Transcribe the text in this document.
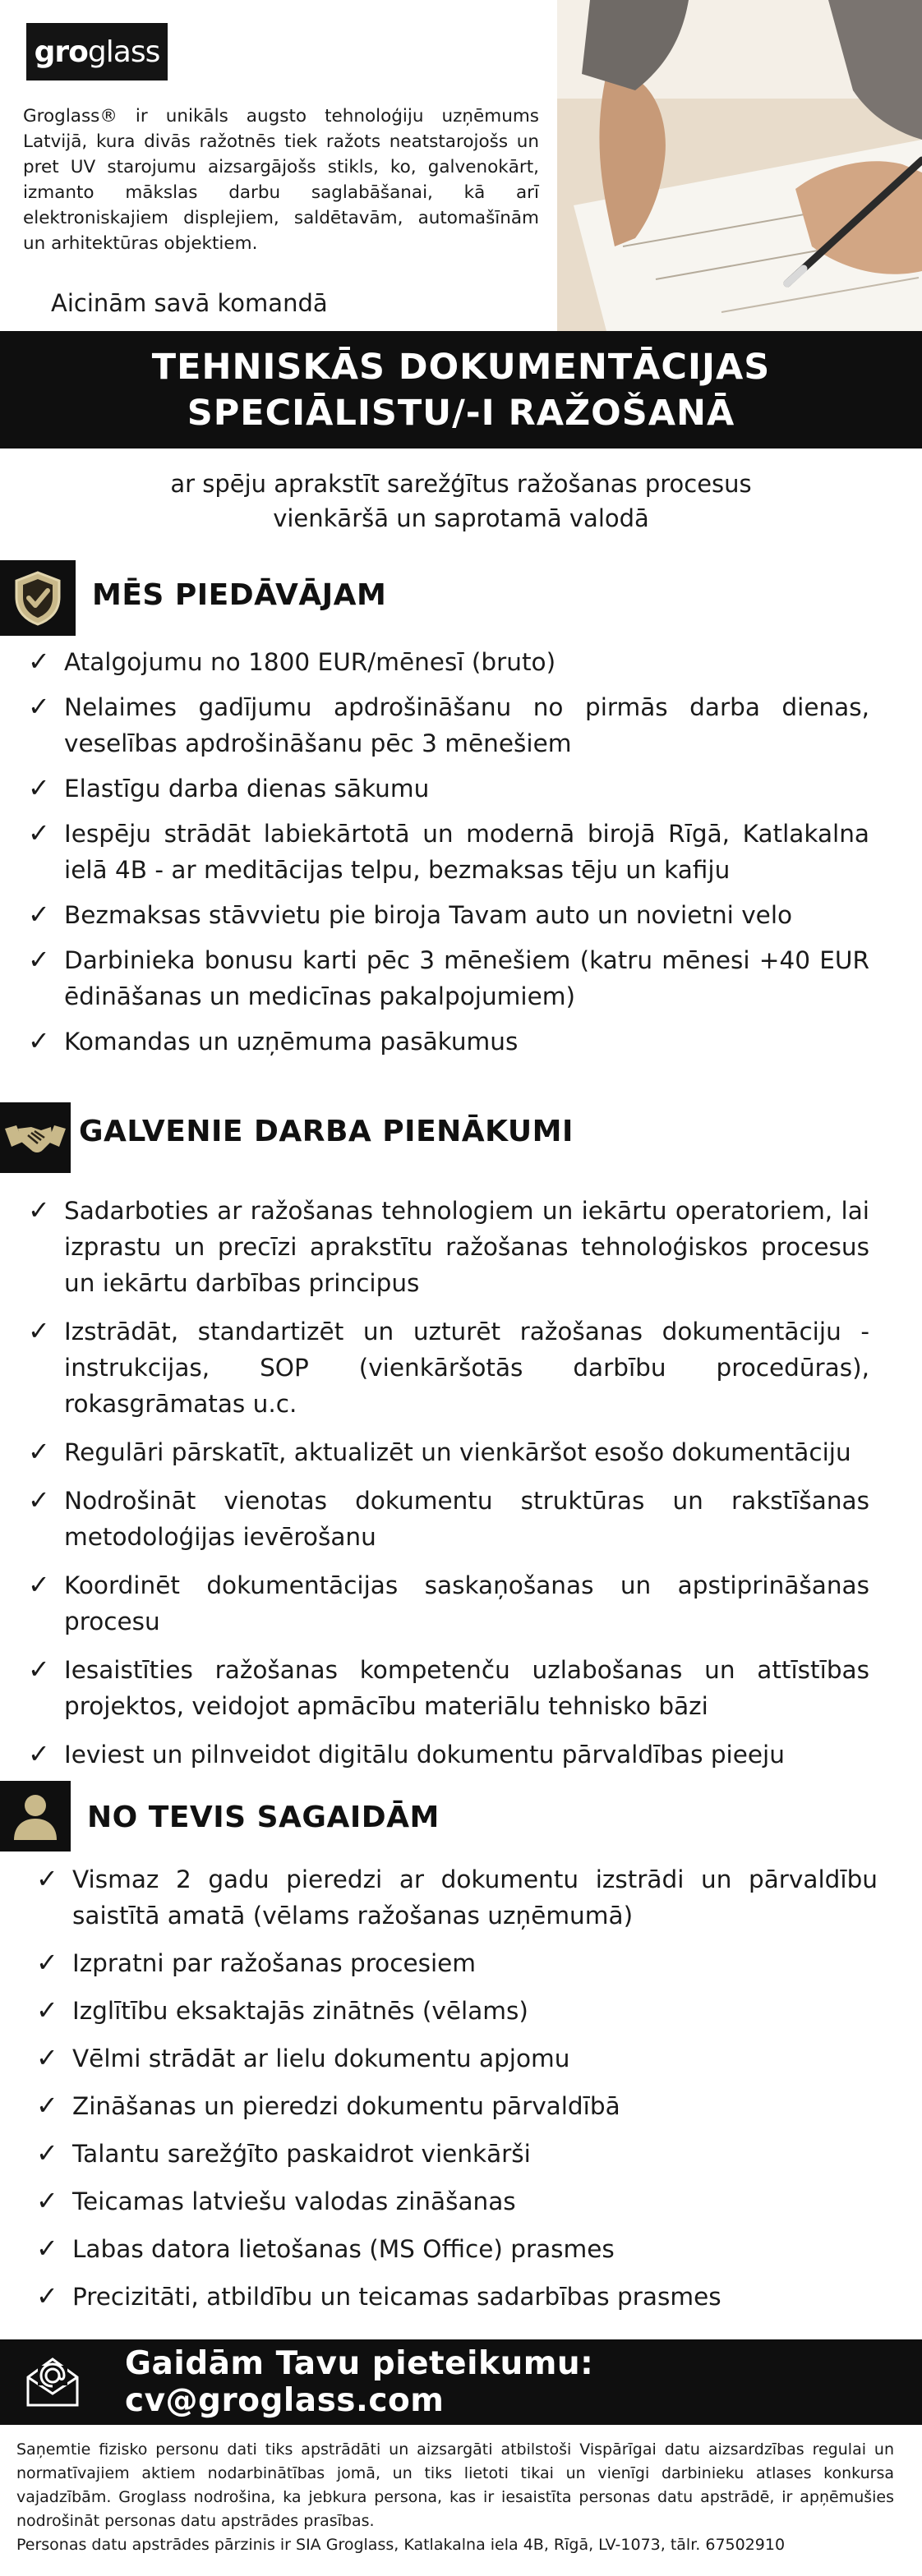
gro glass

Groglass® ir unikāls augsto tehnoloģiju uzņēmums Latvijā, kura divās ražotnēs tiek ražots neatstarojošs un pret UV starojumu aizsargājošs stikls, ko, galvenokārt, izmanto mākslas darbu saglabāšanai, kā arī elektroniskajiem displejiem, saldētavām, automašīnām un arhitektūras objektiem.

Aicinām savā komandā
TEHNISKĀS DOKUMENTĀCIJAS
SPECIĀLISTU/-I RAŽOŠANĀ
ar spēju aprakstīt sarežģītus ražošanas procesus
vienkāršā un saprotamā valodā
MĒS PIEDĀVĀJAM
✓ Atalgojumu no 1800 EUR/mēnesī (bruto)
✓ Nelaimes gadījumu apdrošināšanu no pirmās darba dienas, veselības apdrošināšanu pēc 3 mēnešiem
✓ Elastīgu darba dienas sākumu
✓ Iespēju strādāt labiekārtotā un modernā birojā Rīgā, Katlakalna ielā 4B - ar meditācijas telpu, bezmaksas tēju un kafiju
✓ Bezmaksas stāvvietu pie biroja Tavam auto un novietni velo
✓ Darbinieka bonusu karti pēc 3 mēnešiem (katru mēnesi +40 EUR ēdināšanas un medicīnas pakalpojumiem)
✓ Komandas un uzņēmuma pasākumus
GALVENIE DARBA PIENĀKUMI
✓ Sadarboties ar ražošanas tehnologiem un iekārtu operatoriem, lai izprastu un precīzi aprakstītu ražošanas tehnoloģiskos procesus un iekārtu darbības principus
✓ Izstrādāt, standartizēt un uzturēt ražošanas dokumentāciju - instrukcijas, SOP (vienkāršotās darbību procedūras), rokasgrāmatas u.c.
✓ Regulāri pārskatīt, aktualizēt un vienkāršot esošo dokumentāciju
✓ Nodrošināt vienotas dokumentu struktūras un rakstīšanas metodoloģijas ievērošanu
✓ Koordinēt dokumentācijas saskaņošanas un apstiprināšanas procesu
✓ Iesaistīties ražošanas kompetenču uzlabošanas un attīstības projektos, veidojot apmācību materiālu tehnisko bāzi
✓ Ieviest un pilnveidot digitālu dokumentu pārvaldības pieeju
NO TEVIS SAGAIDĀM
✓ Vismaz 2 gadu pieredzi ar dokumentu izstrādi un pārvaldību saistītā amatā (vēlams ražošanas uzņēmumā)
✓ Izpratni par ražošanas procesiem
✓ Izglītību eksaktajās zinātnēs (vēlams)
✓ Vēlmi strādāt ar lielu dokumentu apjomu
✓ Zināšanas un pieredzi dokumentu pārvaldībā
✓ Talantu sarežģīto paskaidrot vienkārši
✓ Teicamas latviešu valodas zināšanas
✓ Labas datora lietošanas (MS Office) prasmes
✓ Precizitāti, atbildību un teicamas sadarbības prasmes
Gaidām Tavu pieteikumu: cv@groglass.com

Saņemtie fizisko personu dati tiks apstrādāti un aizsargāti atbilstoši Vispārīgai datu aizsardzības regulai un normatīvajiem aktiem nodarbinātības jomā, un tiks lietoti tikai un vienīgi darbinieku atlases konkursa vajadzībām. Groglass nodrošina, ka jebkura persona, kas ir iesaistīta personas datu apstrādē, ir apņēmušies nodrošināt personas datu apstrādes prasības.

Personas datu apstrādes pārzinis ir SIA Groglass, Katlakalna iela 4B, Rīgā, LV-1073, tālr. 67502910
